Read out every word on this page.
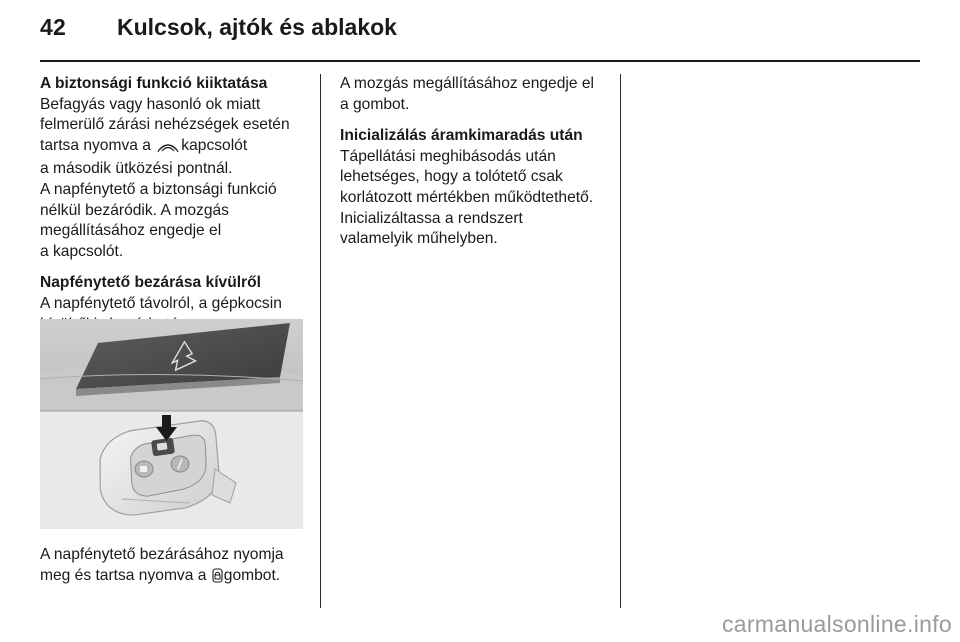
42 Kulcsok, ajtók és ablakok
A biztonsági funkció kiiktatása

Befagyás vagy hasonló ok miatt
felmerülő zárási nehézségek esetén
tartsa nyomva a kapcsolót
a második ütközési pontnál.
A napfénytető a biztonsági funkció
nélkül bezáródik. A mozgás
megállításához engedje el
a kapcsolót.

Napfénytető bezárása kívülről

A napfénytető távolról, a gépkocsin

A napfénytető bezárásához nyomja
meg és tartsa nyomva a gombot.

A mozgás megállításához engedje el
a gombot.

Inicializálás áramkimaradás után

Tápellátási meghibásodás után
lehetséges, hogy a tolótető csak
korlátozott mértékben működtethető.
Inicializáltassa a rendszert
valamelyik műhelyben.

carmanualsonline.info
